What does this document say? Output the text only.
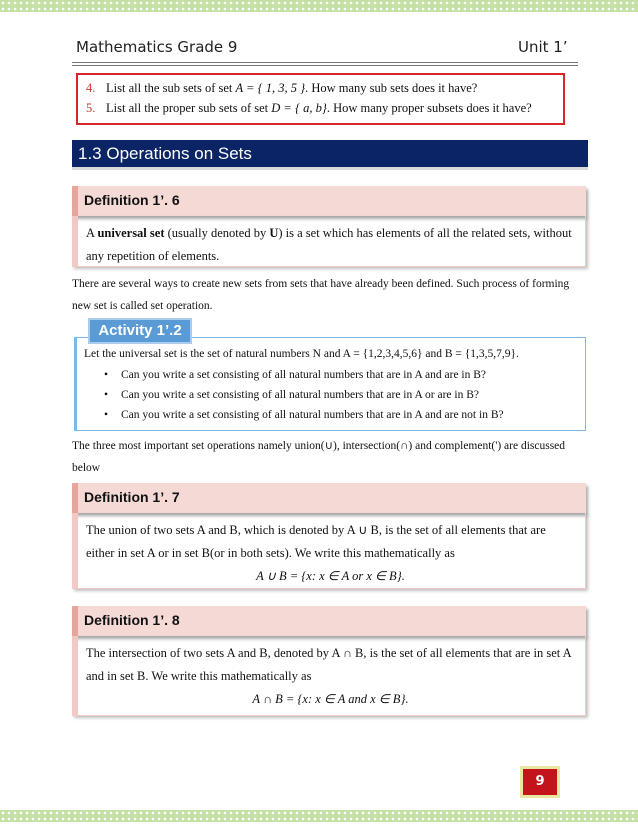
Mathematics Grade 9	Unit 1’
4. List all the sub sets of set A = { 1, 3, 5 }. How many sub sets does it have?
5. List all the proper sub sets of set D = { a, b}. How many proper subsets does it have?
1.3 Operations on Sets
Definition 1’. 6
A universal set (usually denoted by U) is a set which has elements of all the related sets, without any repetition of elements.
There are several ways to create new sets from sets that have already been defined. Such process of forming new set is called set operation.
Activity 1’.2
Let the universal set is the set of natural numbers N and A = {1,2,3,4,5,6} and B = {1,3,5,7,9}.
• Can you write a set consisting of all natural numbers that are in A and are in B?
• Can you write a set consisting of all natural numbers that are in A or are in B?
• Can you write a set consisting of all natural numbers that are in A and are not in B?
The three most important set operations namely union(∪), intersection(∩) and complement(') are discussed below
Definition 1’. 7
The union of two sets A and B, which is denoted by A ∪ B, is the set of all elements that are
either in set A or in set B(or in both sets). We write this mathematically as
A ∪ B = {x: x ∈ A or x ∈ B}.
Definition 1’. 8
The intersection of two sets A and B, denoted by A ∩ B, is the set of all elements that are in set A
and in set B. We write this mathematically as
A ∩ B = {x: x ∈ A and x ∈ B}.
9
